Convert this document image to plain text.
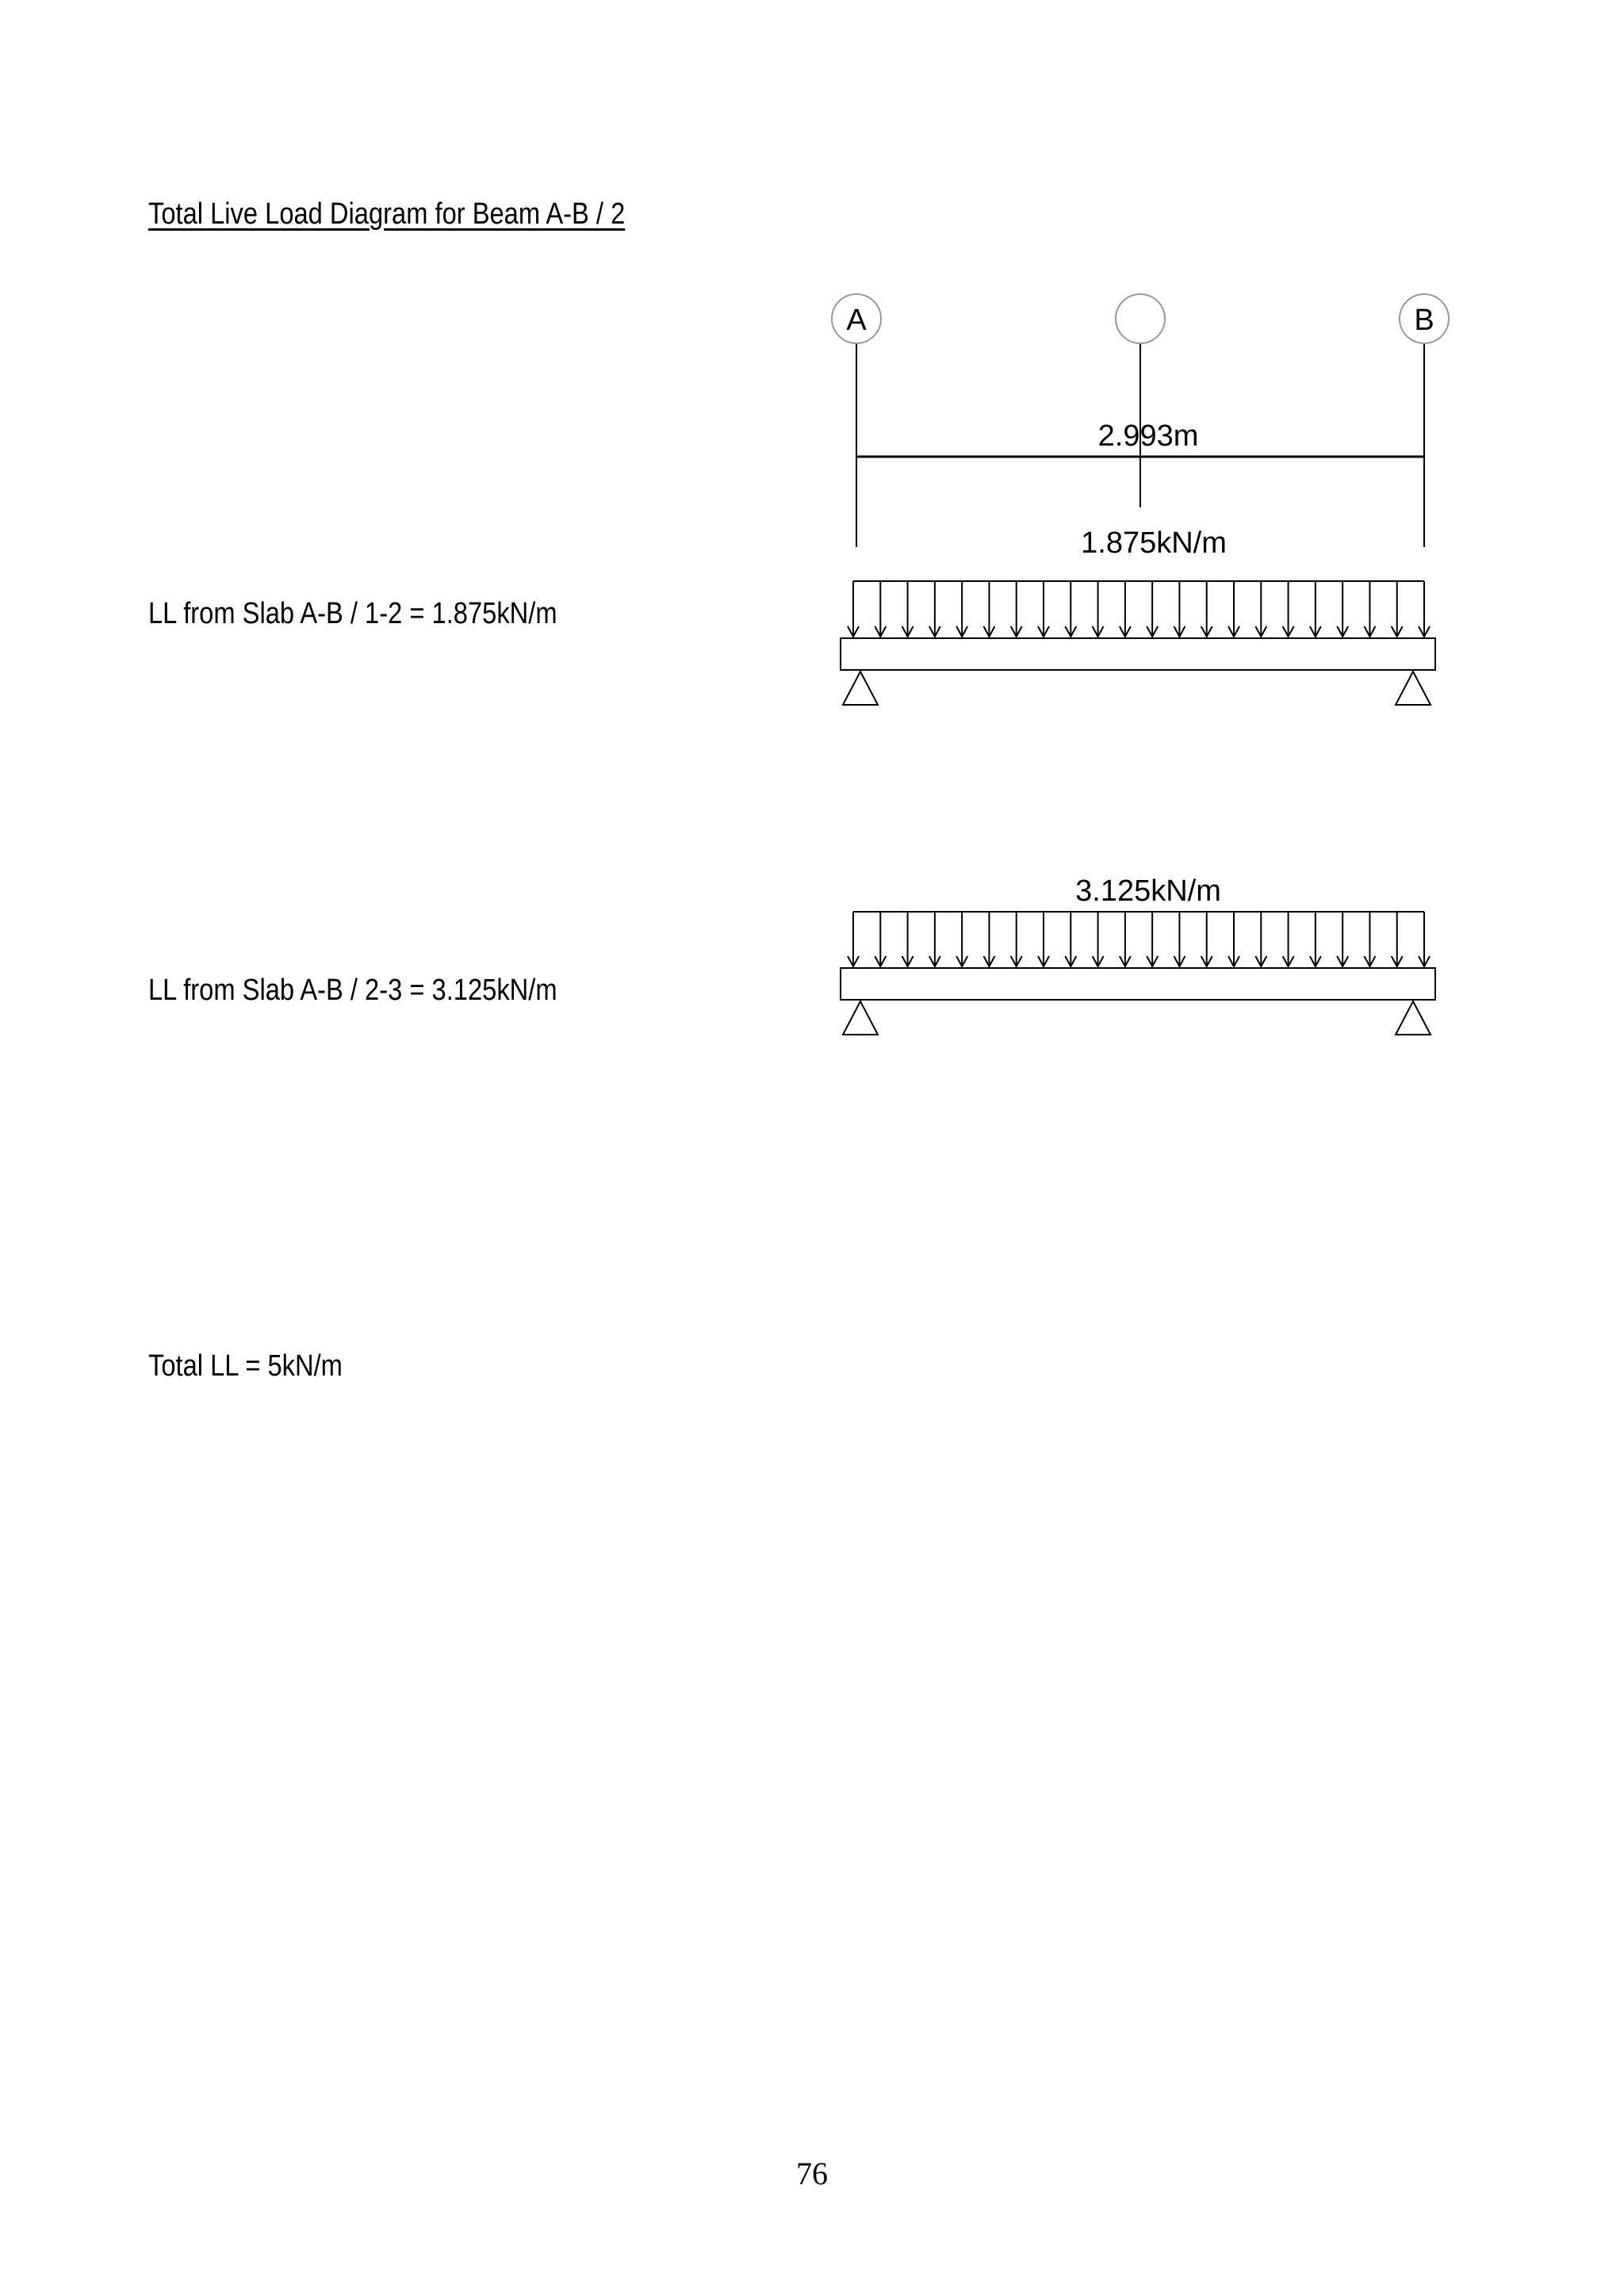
Total Live Load Diagram for Beam A-B / 2
LL from Slab A-B / 1-2 = 1.875kN/m
LL from Slab A-B / 2-3 = 3.125kN/m
Total LL = 5kN/m
76
A	B
2.993m
1.875kN/m
3.125kN/m
